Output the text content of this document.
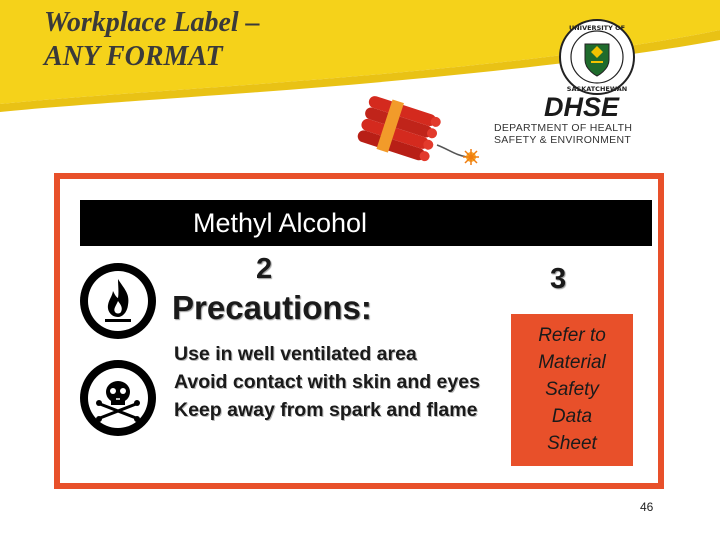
Workplace Label –
ANY FORMAT
UNIVERSITY OF
SASKATCHEWAN
DHSE
DEPARTMENT OF HEALTH
SAFETY & ENVIRONMENT
Methyl Alcohol
2	3
Precautions:
Use in well ventilated area
Avoid contact with skin and eyes
Keep away from spark and flame
Refer to
Material
Safety
Data
Sheet
46
